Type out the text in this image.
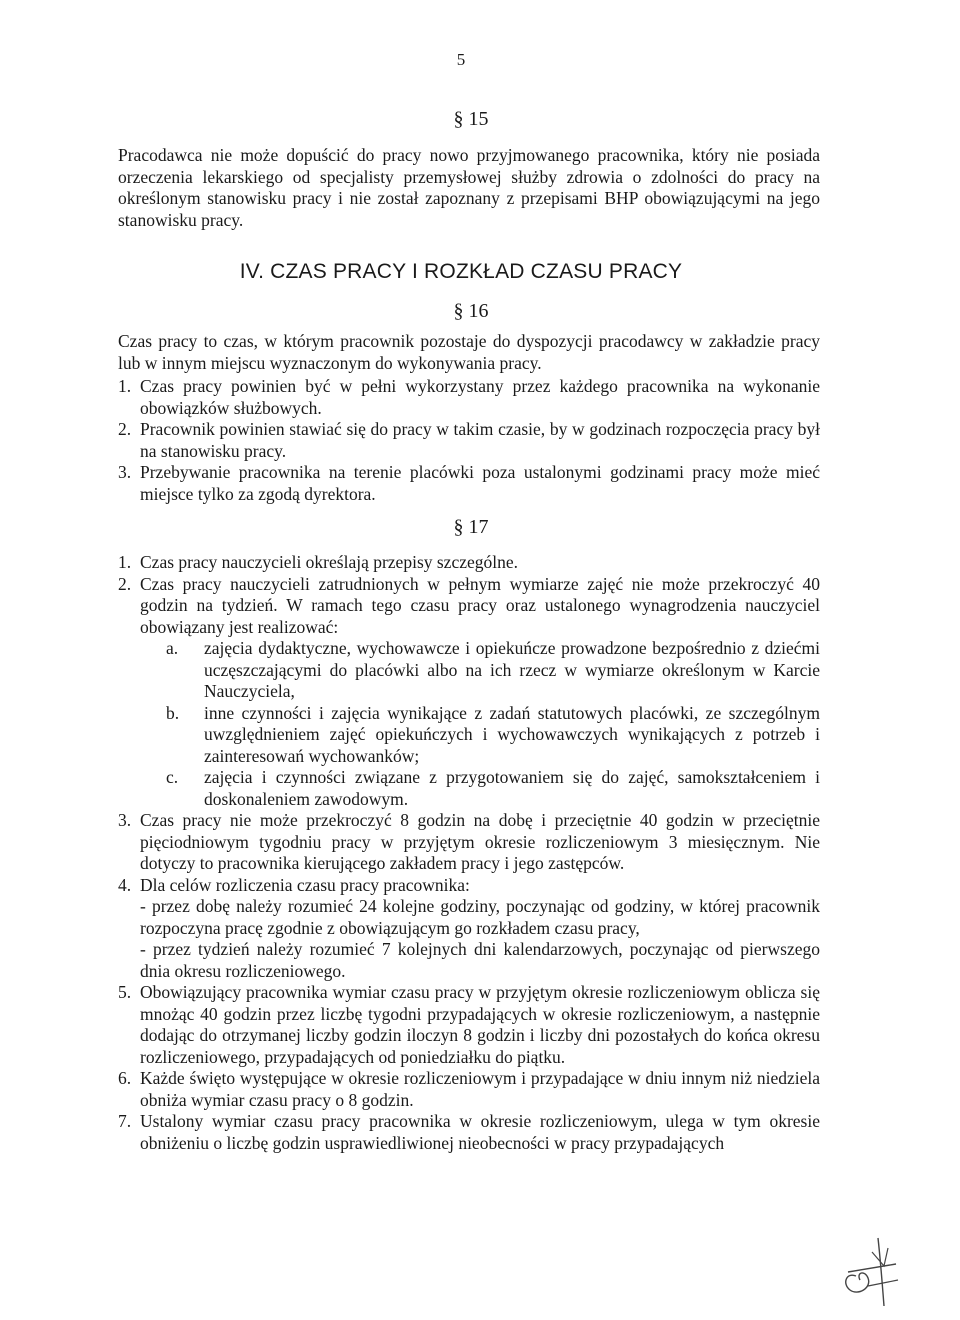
5
§ 15

Pracodawca nie może dopuścić do pracy nowo przyjmowanego pracownika, który nie posiada orzeczenia lekarskiego od specjalisty przemysłowej służby zdrowia o zdolności do pracy na określonym stanowisku pracy i nie został zapoznany z przepisami BHP obowiązującymi na jego stanowisku pracy.

IV. CZAS PRACY I ROZKŁAD CZASU PRACY
§ 16

Czas pracy to czas, w którym pracownik pozostaje do dyspozycji pracodawcy w zakładzie pracy lub w innym miejscu wyznaczonym do wykonywania pracy.

1. Czas pracy powinien być w pełni wykorzystany przez każdego pracownika na wykonanie obowiązków służbowych.
2. Pracownik powinien stawiać się do pracy w takim czasie, by w godzinach rozpoczęcia pracy był na stanowisku pracy.
3. Przebywanie pracownika na terenie placówki poza ustalonymi godzinami pracy może mieć miejsce tylko za zgodą dyrektora.
§ 17
1. Czas pracy nauczycieli określają przepisy szczególne.
2. Czas pracy nauczycieli zatrudnionych w pełnym wymiarze zajęć nie może przekroczyć 40 godzin na tydzień. W ramach tego czasu pracy oraz ustalonego wynagrodzenia nauczyciel obowiązany jest realizować:
a. zajęcia dydaktyczne, wychowawcze i opiekuńcze prowadzone bezpośrednio z dziećmi uczęszczającymi do placówki albo na ich rzecz w wymiarze określonym w Karcie Nauczyciela,
b. inne czynności i zajęcia wynikające z zadań statutowych placówki, ze szczególnym uwzględnieniem zajęć opiekuńczych i wychowawczych wynikających z potrzeb i zainteresowań wychowanków;
c. zajęcia i czynności związane z przygotowaniem się do zajęć, samokształceniem i doskonaleniem zawodowym.
3. Czas pracy nie może przekroczyć 8 godzin na dobę i przeciętnie 40 godzin w przeciętnie pięciodniowym tygodniu pracy w przyjętym okresie rozliczeniowym 3 miesięcznym. Nie dotyczy to pracownika kierującego zakładem pracy i jego zastępców.
4. Dla celów rozliczenia czasu pracy pracownika:
- przez dobę należy rozumieć 24 kolejne godziny, poczynając od godziny, w której pracownik rozpoczyna pracę zgodnie z obowiązującym go rozkładem czasu pracy,
- przez tydzień należy rozumieć 7 kolejnych dni kalendarzowych, poczynając od pierwszego dnia okresu rozliczeniowego.
5. Obowiązujący pracownika wymiar czasu pracy w przyjętym okresie rozliczeniowym oblicza się mnożąc 40 godzin przez liczbę tygodni przypadających w okresie rozliczeniowym, a następnie dodając do otrzymanej liczby godzin iloczyn 8 godzin i liczby dni pozostałych do końca okresu rozliczeniowego, przypadających od poniedziałku do piątku.
6. Każde święto występujące w okresie rozliczeniowym i przypadające w dniu innym niż niedziela obniża wymiar czasu pracy o 8 godzin.
7. Ustalony wymiar czasu pracy pracownika w okresie rozliczeniowym, ulega w tym okresie obniżeniu o liczbę godzin usprawiedliwionej nieobecności w pracy przypadających
